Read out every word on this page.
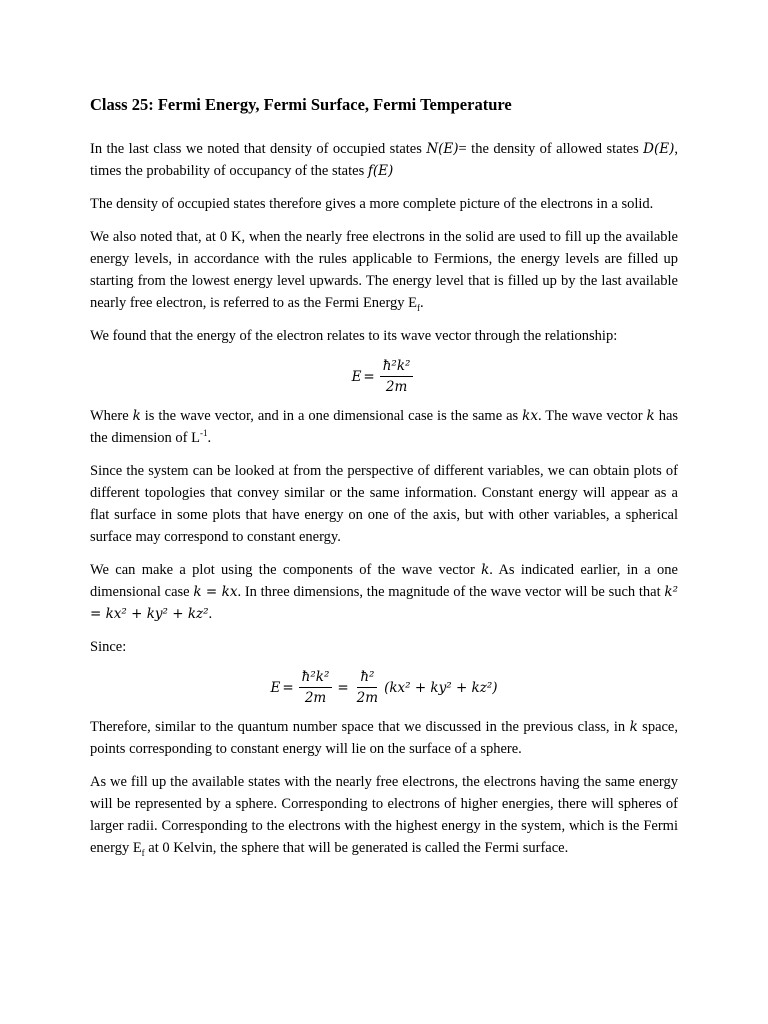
Class 25: Fermi Energy, Fermi Surface, Fermi Temperature

In the last class we noted that density of occupied states N(E)= the density of allowed states D(E), times the probability of occupancy of the states f(E)

The density of occupied states therefore gives a more complete picture of the electrons in a solid.

We also noted that, at 0 K, when the nearly free electrons in the solid are used to fill up the available energy levels, in accordance with the rules applicable to Fermions, the energy levels are filled up starting from the lowest energy level upwards. The energy level that is filled up by the last available nearly free electron, is referred to as the Fermi Energy $E_f$.

We found that the energy of the electron relates to its wave vector through the relationship:

$E = \frac{\text{ħ²k²}}{2m}$

Where k is the wave vector, and in a one dimensional case is the same as kx. The wave vector k has the dimension of $L^{-1}$.

Since the system can be looked at from the perspective of different variables, we can obtain plots of different topologies that convey similar or the same information. Constant energy will appear as a flat surface in some plots that have energy on one of the axis, but with other variables, a spherical surface may correspond to constant energy.

We can make a plot using the components of the wave vector k. As indicated earlier, in a one dimensional case k = kx. In three dimensions, the magnitude of the wave vector will be such that k² = kx² + ky² + kz².

Since:

$E = \frac{\text{ħ²k²}}{2m} = \frac{\text{ħ²}}{2m} (kx^2 + ky^2 + kz^2)$

Therefore, similar to the quantum number space that we discussed in the previous class, in k space, points corresponding to constant energy will lie on the surface of a sphere.

As we fill up the available states with the nearly free electrons, the electrons having the same energy will be represented by a sphere. Corresponding to electrons of higher energies, there will spheres of larger radii. Corresponding to the electrons with the highest energy in the system, which is the Fermi energy $E_f$ at 0 Kelvin, the sphere that will be generated is called the Fermi surface.
